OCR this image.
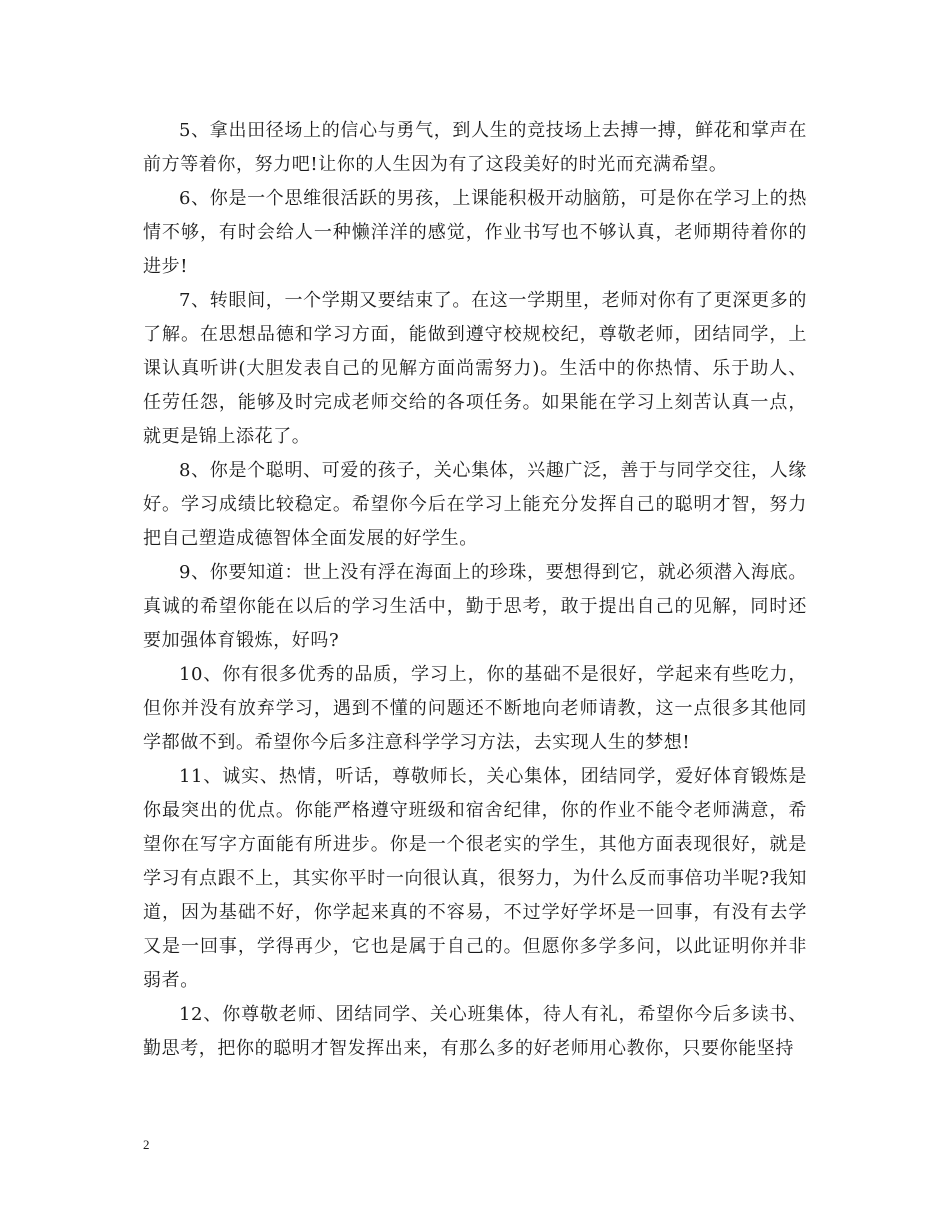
5、拿出田径场上的信心与勇气，到人生的竞技场上去搏一搏，鲜花和掌声在前方等着你，努力吧!让你的人生因为有了这段美好的时光而充满希望。

6、你是一个思维很活跃的男孩，上课能积极开动脑筋，可是你在学习上的热情不够，有时会给人一种懒洋洋的感觉，作业书写也不够认真，老师期待着你的进步!

7、转眼间，一个学期又要结束了。在这一学期里，老师对你有了更深更多的了解。在思想品德和学习方面，能做到遵守校规校纪，尊敬老师，团结同学，上课认真听讲(大胆发表自己的见解方面尚需努力)。生活中的你热情、乐于助人、任劳任怨，能够及时完成老师交给的各项任务。如果能在学习上刻苦认真一点，就更是锦上添花了。

8、你是个聪明、可爱的孩子，关心集体，兴趣广泛，善于与同学交往，人缘好。学习成绩比较稳定。希望你今后在学习上能充分发挥自己的聪明才智，努力把自己塑造成德智体全面发展的好学生。

9、你要知道：世上没有浮在海面上的珍珠，要想得到它，就必须潜入海底。真诚的希望你能在以后的学习生活中，勤于思考，敢于提出自己的见解，同时还要加强体育锻炼，好吗?

10、你有很多优秀的品质，学习上，你的基础不是很好，学起来有些吃力，但你并没有放弃学习，遇到不懂的问题还不断地向老师请教，这一点很多其他同学都做不到。希望你今后多注意科学学习方法，去实现人生的梦想!

11、诚实、热情，听话，尊敬师长，关心集体，团结同学，爱好体育锻炼是你最突出的优点。你能严格遵守班级和宿舍纪律，你的作业不能令老师满意，希望你在写字方面能有所进步。你是一个很老实的学生，其他方面表现很好，就是学习有点跟不上，其实你平时一向很认真，很努力，为什么反而事倍功半呢?我知道，因为基础不好，你学起来真的不容易，不过学好学坏是一回事，有没有去学又是一回事，学得再少，它也是属于自己的。但愿你多学多问，以此证明你并非弱者。

12、你尊敬老师、团结同学、关心班集体，待人有礼，希望你今后多读书、勤思考，把你的聪明才智发挥出来，有那么多的好老师用心教你，只要你能坚持

2
